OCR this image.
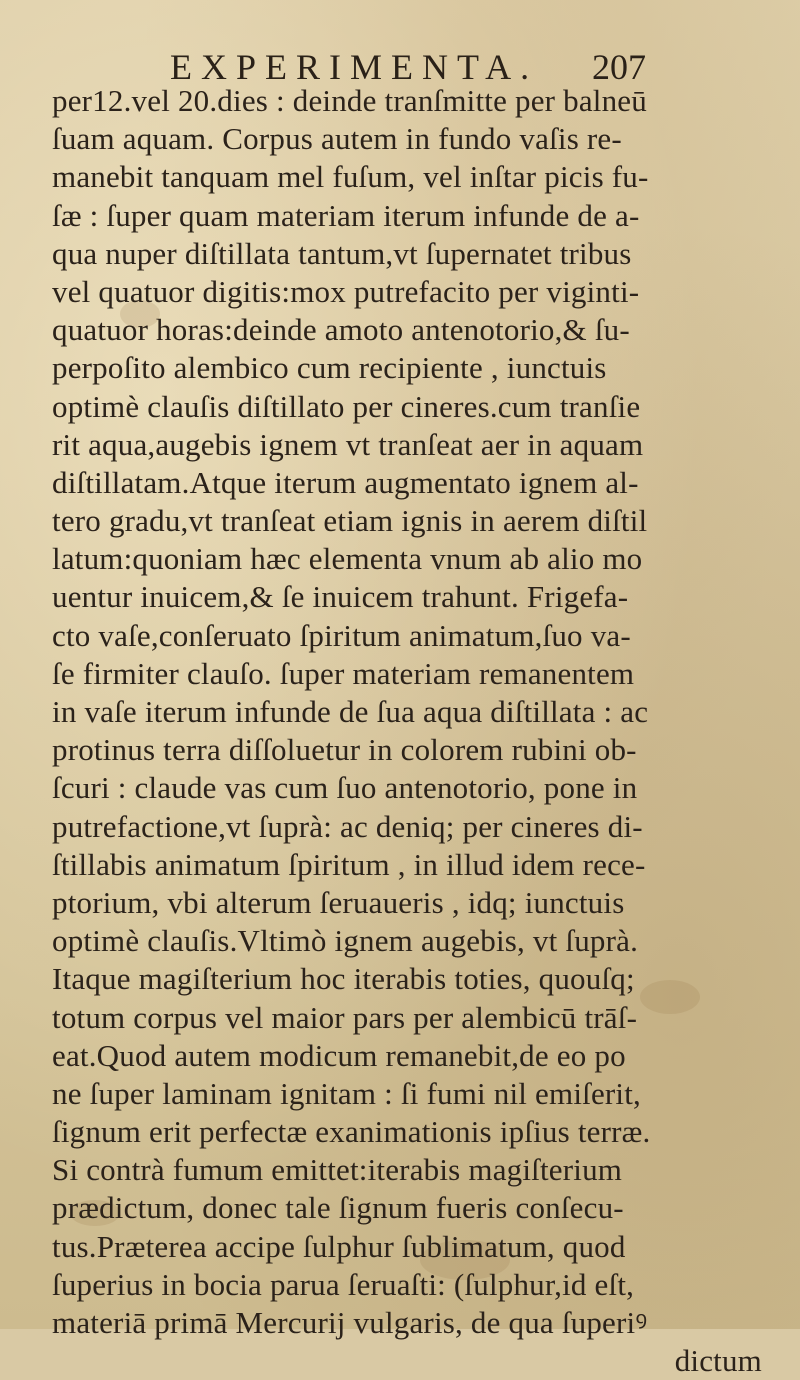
EXPERIMENTA. 207
per12.vel 20.dies : deinde tranſmitte per balneū
ſuam aquam. Corpus autem in fundo vaſis re-
manebit tanquam mel fuſum, vel inſtar picis fu-
ſæ : ſuper quam materiam iterum infunde de a-
qua nuper diſtillata tantum,vt ſupernatet tribus
vel quatuor digitis:mox putrefacito per viginti-
quatuor horas:deinde amoto antenotorio,& ſu-
perpoſito alembico cum recipiente , iunctuis
optimè clauſis diſtillato per cineres.cum tranſie
rit aqua,augebis ignem vt tranſeat aer in aquam
diſtillatam.Atque iterum augmentato ignem al-
tero gradu,vt tranſeat etiam ignis in aerem diſtil
latum:quoniam hæc elementa vnum ab alio mo
uentur inuicem,& ſe inuicem trahunt. Frigefa-
cto vaſe,conſeruato ſpiritum animatum,ſuo va-
ſe firmiter clauſo. ſuper materiam remanentem
in vaſe iterum infunde de ſua aqua diſtillata : ac
protinus terra diſſoluetur in colorem rubini ob-
ſcuri : claude vas cum ſuo antenotorio, pone in
putrefactione,vt ſuprà: ac deniq; per cineres di-
ſtillabis animatum ſpiritum , in illud idem rece-
ptorium, vbi alterum ſeruaueris , idq; iunctuis
optimè clauſis.Vltimò ignem augebis, vt ſuprà.
Itaque magiſterium hoc iterabis toties, quouſq;
totum corpus vel maior pars per alembicū trāſ-
eat.Quod autem modicum remanebit,de eo po
ne ſuper laminam ignitam : ſi fumi nil emiſerit,
ſignum erit perfectæ exanimationis ipſius terræ.
Si contrà fumum emittet:iterabis magiſterium
prædictum, donec tale ſignum fueris conſecu-
tus.Præterea accipe ſulphur ſublimatum, quod
ſuperius in bocia parua ſeruaſti: (ſulphur,id eſt,
materiā primā Mercurij vulgaris, de qua ſuperiꝰ
dictum
